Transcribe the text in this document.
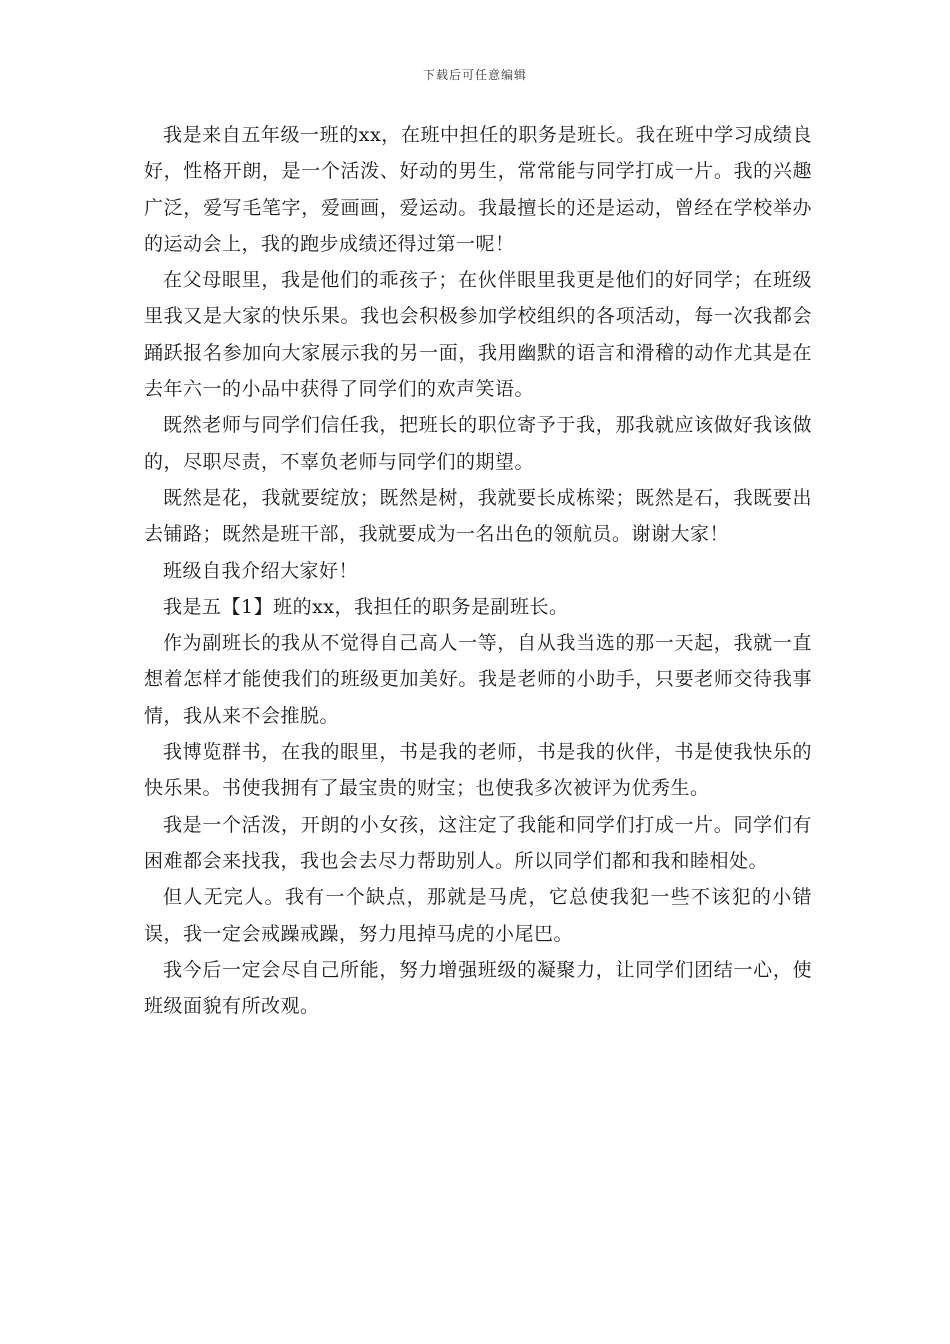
下载后可任意编辑

我是来自五年级一班的xx，在班中担任的职务是班长。我在班中学习成绩良好，性格开朗，是一个活泼、好动的男生，常常能与同学打成一片。我的兴趣广泛，爱写毛笔字，爱画画，爱运动。我最擅长的还是运动，曾经在学校举办的运动会上，我的跑步成绩还得过第一呢！

在父母眼里，我是他们的乖孩子；在伙伴眼里我更是他们的好同学；在班级里我又是大家的快乐果。我也会积极参加学校组织的各项活动，每一次我都会踊跃报名参加向大家展示我的另一面，我用幽默的语言和滑稽的动作尤其是在去年六一的小品中获得了同学们的欢声笑语。

既然老师与同学们信任我，把班长的职位寄予于我，那我就应该做好我该做的，尽职尽责，不辜负老师与同学们的期望。

既然是花，我就要绽放；既然是树，我就要长成栋梁；既然是石，我既要出去铺路；既然是班干部，我就要成为一名出色的领航员。谢谢大家！

班级自我介绍大家好！

我是五【1】班的xx，我担任的职务是副班长。

作为副班长的我从不觉得自己高人一等，自从我当选的那一天起，我就一直想着怎样才能使我们的班级更加美好。我是老师的小助手，只要老师交待我事情，我从来不会推脱。

我博览群书，在我的眼里，书是我的老师，书是我的伙伴，书是使我快乐的快乐果。书使我拥有了最宝贵的财宝；也使我多次被评为优秀生。

我是一个活泼，开朗的小女孩，这注定了我能和同学们打成一片。同学们有困难都会来找我，我也会去尽力帮助别人。所以同学们都和我和睦相处。

但人无完人。我有一个缺点，那就是马虎，它总使我犯一些不该犯的小错误，我一定会戒躁戒躁，努力甩掉马虎的小尾巴。

我今后一定会尽自己所能，努力增强班级的凝聚力，让同学们团结一心，使班级面貌有所改观。
